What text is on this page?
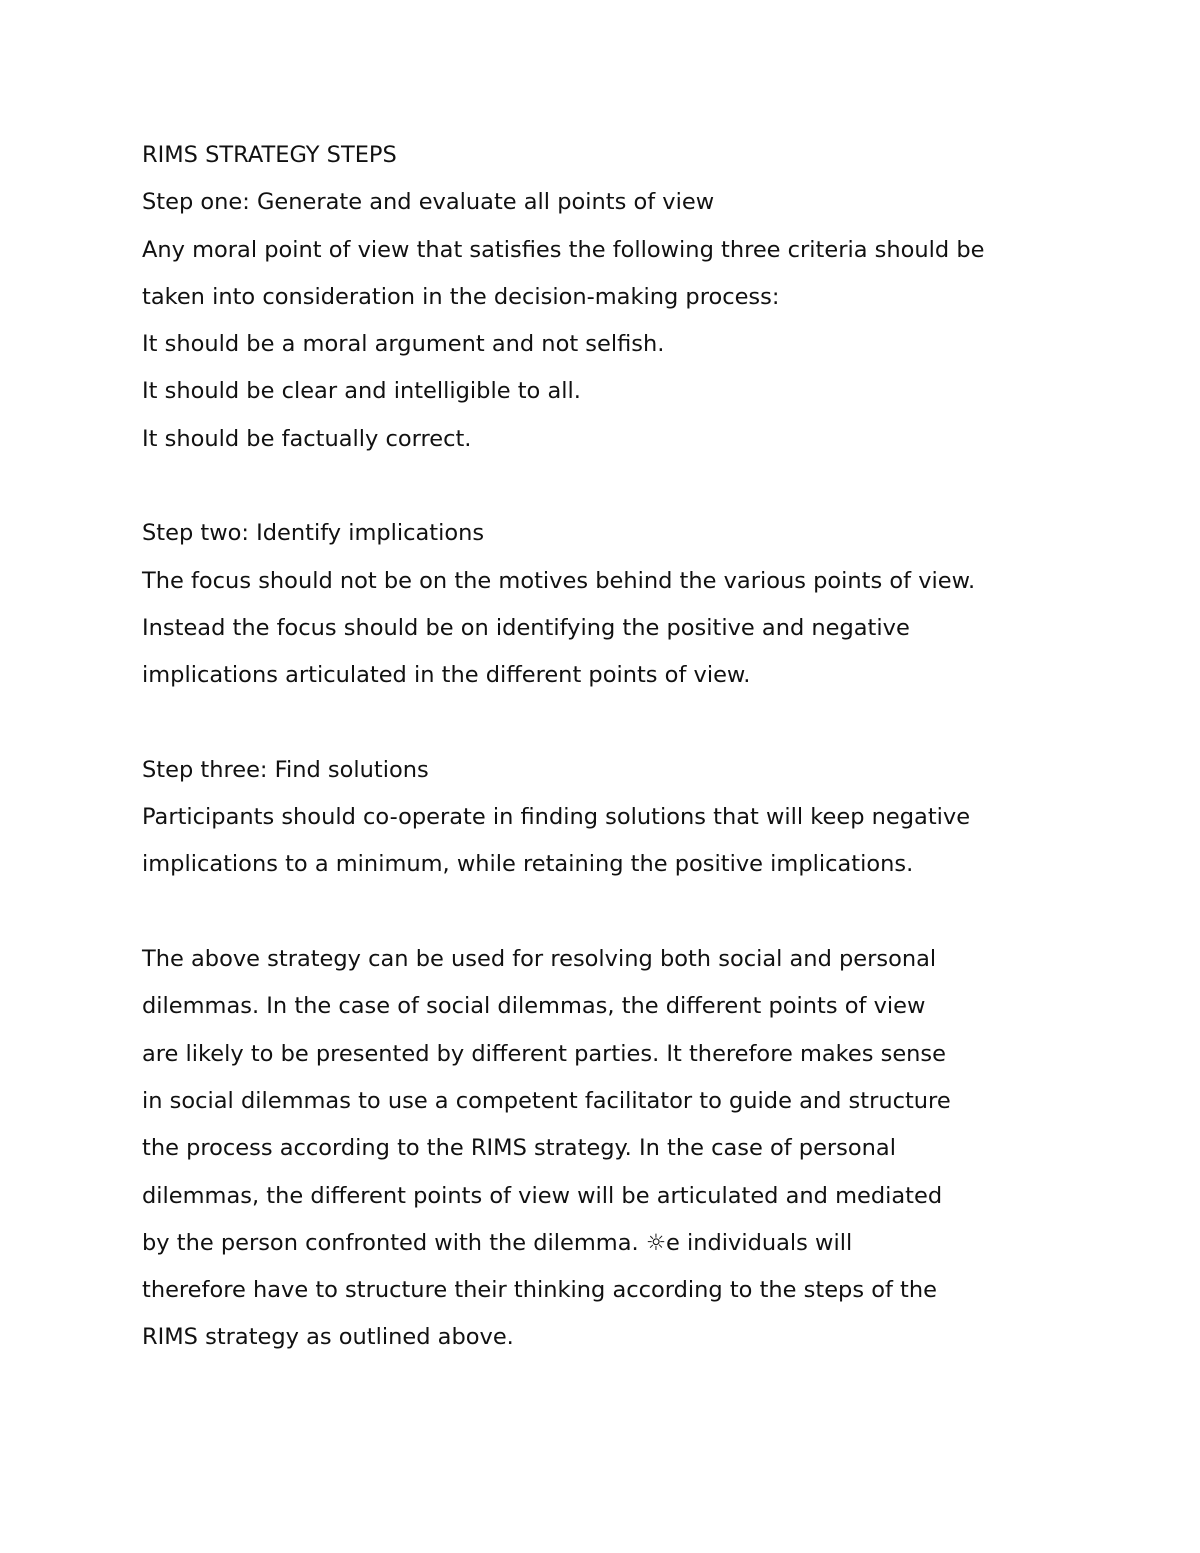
RIMS STRATEGY STEPS
Step one: Generate and evaluate all points of view
Any moral point of view that satisfies the following three criteria should be
taken into consideration in the decision-making process:
It should be a moral argument and not selfish.
It should be clear and intelligible to all.
It should be factually correct.
Step two: Identify implications
The focus should not be on the motives behind the various points of view.
Instead the focus should be on identifying the positive and negative
implications articulated in the different points of view.
Step three: Find solutions
Participants should co-operate in finding solutions that will keep negative
implications to a minimum, while retaining the positive implications.
The above strategy can be used for resolving both social and personal
dilemmas. In the case of social dilemmas, the different points of view
are likely to be presented by different parties. It therefore makes sense
in social dilemmas to use a competent facilitator to guide and structure
the process according to the RIMS strategy. In the case of personal
dilemmas, the different points of view will be articulated and mediated
by the person confronted with the dilemma. ☼e individuals will
therefore have to structure their thinking according to the steps of the
RIMS strategy as outlined above.
